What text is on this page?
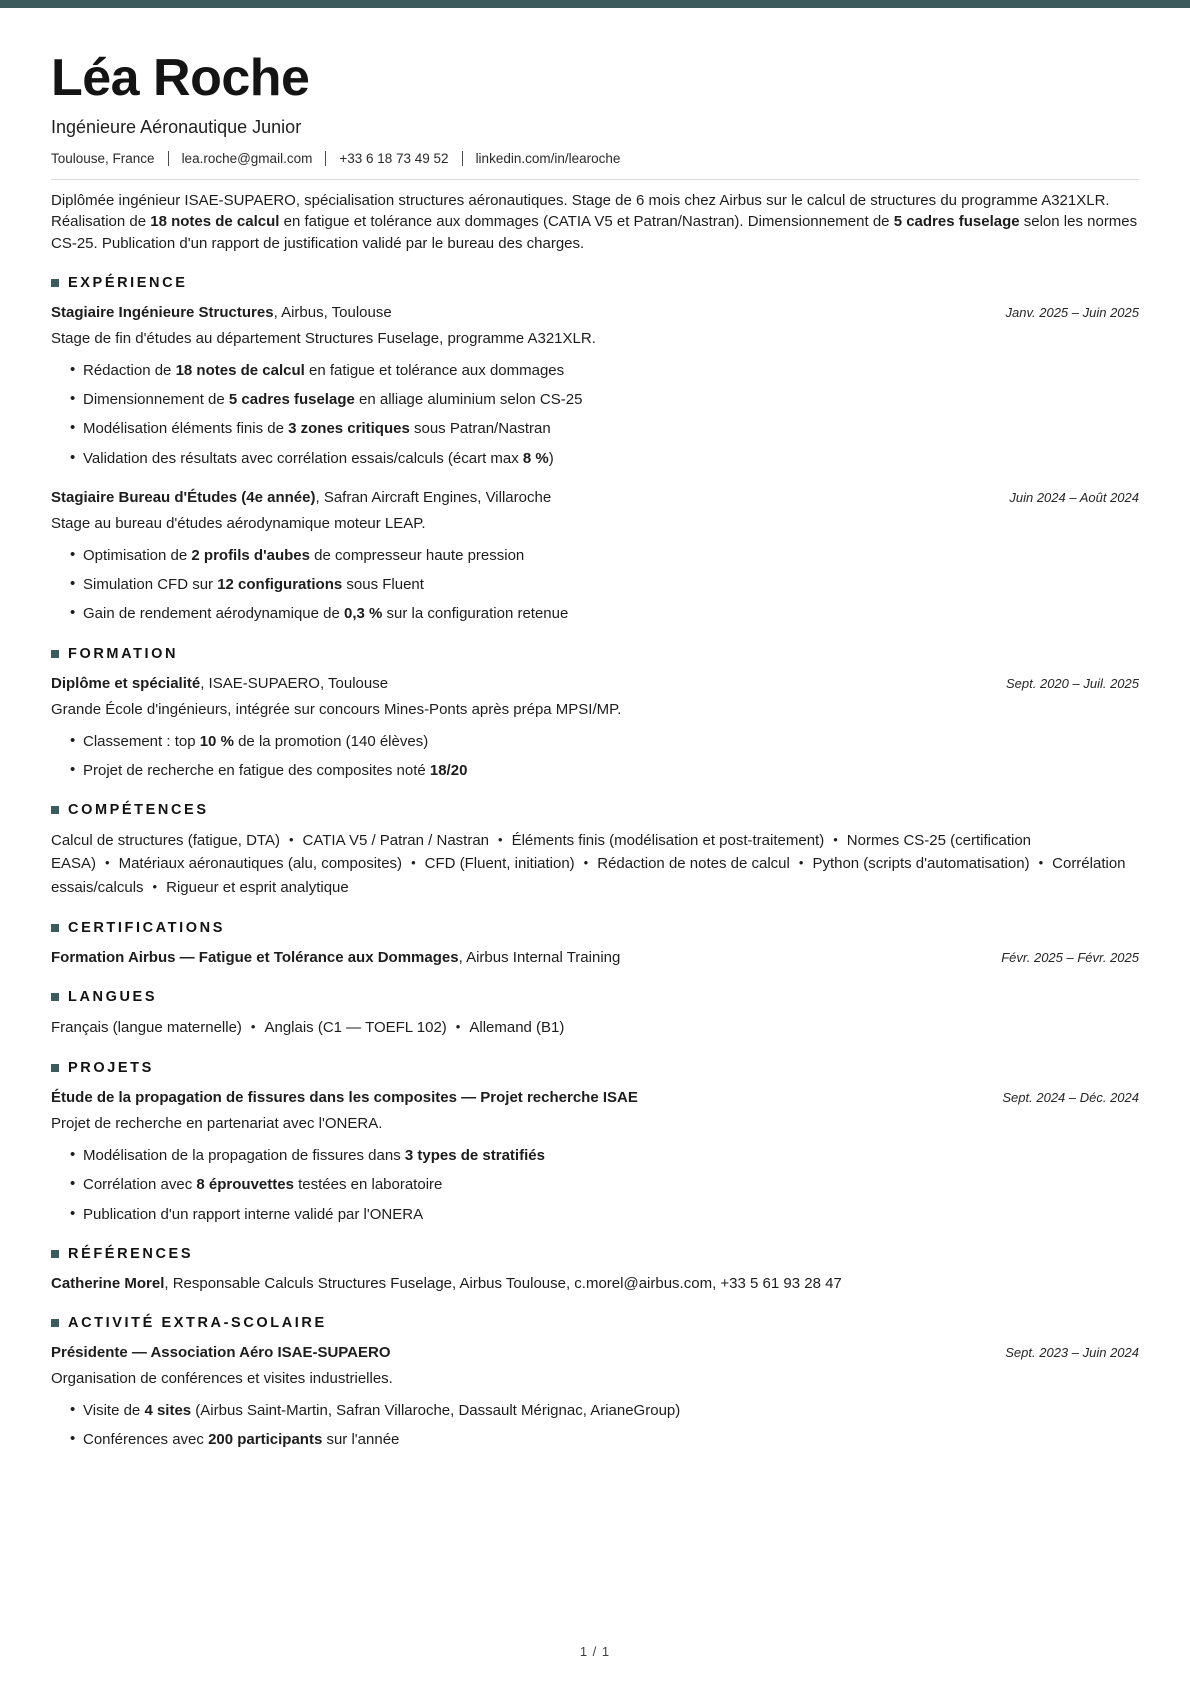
Léa Roche
Ingénieure Aéronautique Junior
Toulouse, France lea.roche@gmail.com +33 6 18 73 49 52 linkedin.com/in/learoche

Diplômée ingénieur ISAE-SUPAERO, spécialisation structures aéronautiques. Stage de 6 mois chez Airbus sur le calcul de structures du programme A321XLR. Réalisation de 18 notes de calcul en fatigue et tolérance aux dommages (CATIA V5 et Patran/Nastran). Dimensionnement de 5 cadres fuselage selon les normes CS-25. Publication d'un rapport de justification validé par le bureau des charges.

EXPÉRIENCE
Stagiaire Ingénieure Structures, Airbus, Toulouse	Janv. 2025 – Juin 2025
Stage de fin d'études au département Structures Fuselage, programme A321XLR.
• Rédaction de 18 notes de calcul en fatigue et tolérance aux dommages
• Dimensionnement de 5 cadres fuselage en alliage aluminium selon CS-25
• Modélisation éléments finis de 3 zones critiques sous Patran/Nastran
• Validation des résultats avec corrélation essais/calculs (écart max 8 %)
Stagiaire Bureau d'Études (4e année), Safran Aircraft Engines, Villaroche	Juin 2024 – Août 2024
Stage au bureau d'études aérodynamique moteur LEAP.
• Optimisation de 2 profils d'aubes de compresseur haute pression
• Simulation CFD sur 12 configurations sous Fluent
• Gain de rendement aérodynamique de 0,3 % sur la configuration retenue
FORMATION
Diplôme et spécialité, ISAE-SUPAERO, Toulouse	Sept. 2020 – Juil. 2025
Grande École d'ingénieurs, intégrée sur concours Mines-Ponts après prépa MPSI/MP.
• Classement : top 10 % de la promotion (140 élèves)
• Projet de recherche en fatigue des composites noté 18/20
COMPÉTENCES
Calcul de structures (fatigue, DTA) • CATIA V5 / Patran / Nastran • Éléments finis (modélisation et post-traitement) • Normes CS-25 (certification EASA) • Matériaux aéronautiques (alu, composites) • CFD (Fluent, initiation) • Rédaction de notes de calcul • Python (scripts d'automatisation) • Corrélation essais/calculs • Rigueur et esprit analytique
CERTIFICATIONS
Formation Airbus — Fatigue et Tolérance aux Dommages, Airbus Internal Training	Févr. 2025 – Févr. 2025
LANGUES
Français (langue maternelle) • Anglais (C1 — TOEFL 102) • Allemand (B1)
PROJETS
Étude de la propagation de fissures dans les composites — Projet recherche ISAE	Sept. 2024 – Déc. 2024
Projet de recherche en partenariat avec l'ONERA.
• Modélisation de la propagation de fissures dans 3 types de stratifiés
• Corrélation avec 8 éprouvettes testées en laboratoire
• Publication d'un rapport interne validé par l'ONERA
RÉFÉRENCES
Catherine Morel, Responsable Calculs Structures Fuselage, Airbus Toulouse, c.morel@airbus.com, +33 5 61 93 28 47
ACTIVITÉ EXTRA-SCOLAIRE
Présidente — Association Aéro ISAE-SUPAERO	Sept. 2023 – Juin 2024
Organisation de conférences et visites industrielles.
• Visite de 4 sites (Airbus Saint-Martin, Safran Villaroche, Dassault Mérignac, ArianeGroup)
• Conférences avec 200 participants sur l'année
1 / 1
